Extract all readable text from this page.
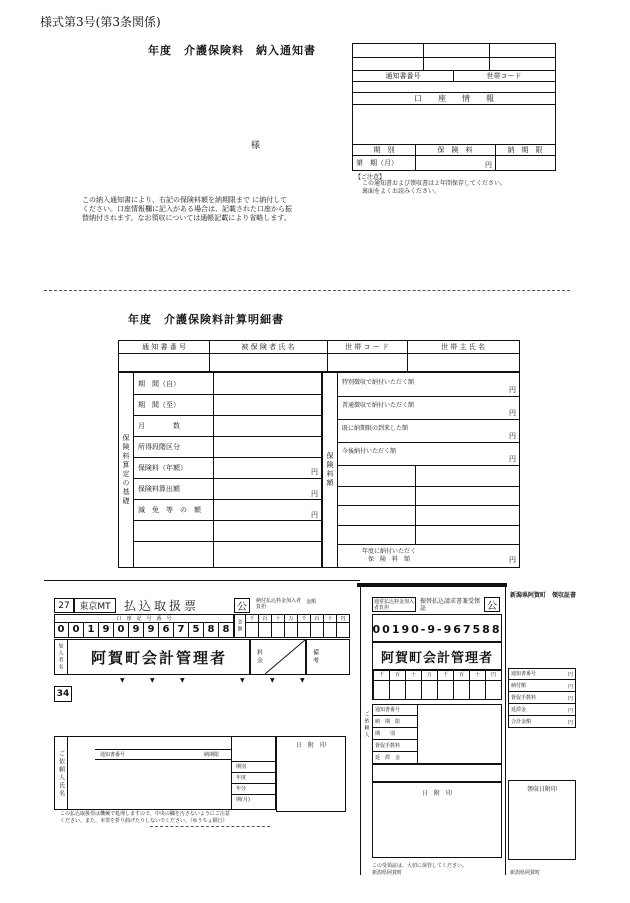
様式第3号(第3条関係)
年度　介護保険料　納入通知書
様
この納入通知書により、右記の保険料額を納期限まで に納付して
ください。口座情報欄に記入がある場合は、記載された口座から振
替納付されます。なお領収については通帳記載により省略します。
通知書番号	世帯コード
口　　座　　情　　報
期　別	保　険　料	納　期　限
第　期（月）	円
【ご注意】
この通知書および領収書は２年間保存してください。
裏面をよくお読みください。
年度　介護保険料計算明細書
通 知 書 番 号	被 保 険 者 氏 名	世 帯 コ ー ド	世 帯 主 氏 名
保険料算定の基礎
期　間（自）
期　間（至）
月　　　　数
所得段階区分
保険料（年額）	円
保険料算出額
円
減　免　等　の　額
円
保険料額
特別徴収で納付いただく額
円
普通徴収で納付いただく額
円
既に納期限の到来した額
円
今後納付いただく額
円
年度に納付いただく
保　険　料　額	円
27	東京MT	払込取扱票	公
納付払込料金加入者負担
金額
口　座　記　号　番　号
0 0 1 9 0 9 9 6 7 5 8 8	金額	千	百	十	万	千	百	十	円
加入者名	阿賀町会計管理者	料金	備考
▼	▼	▼	▼	▼	▼
34
ご依頼人氏名	通知書番号	納期限
期別
年度
年分
期(月)
日　附　印
この払込取扱票は機械で処理しますので、中央の欄を汚さないようにご注意
ください。また、本票を折り曲げたりしないでください。（ゆうちょ銀行）
通常払込料金加入者負担
振替払込請求書兼受領証	公
00190-9-967588
阿賀町会計管理者
千	百	十	万	千	百	十	円
通知書番号
納　期　限
期　　別
督促手数料
延　滞　金
日　附　印
ご依頼人
この受領証は、大切に保管してください。
新潟県阿賀町
新潟県阿賀町　領収証書
通知書番号	円
納付額	円
督促手数料	円
延滞金	円
合計金額	円
領収日附印
新潟県阿賀町
